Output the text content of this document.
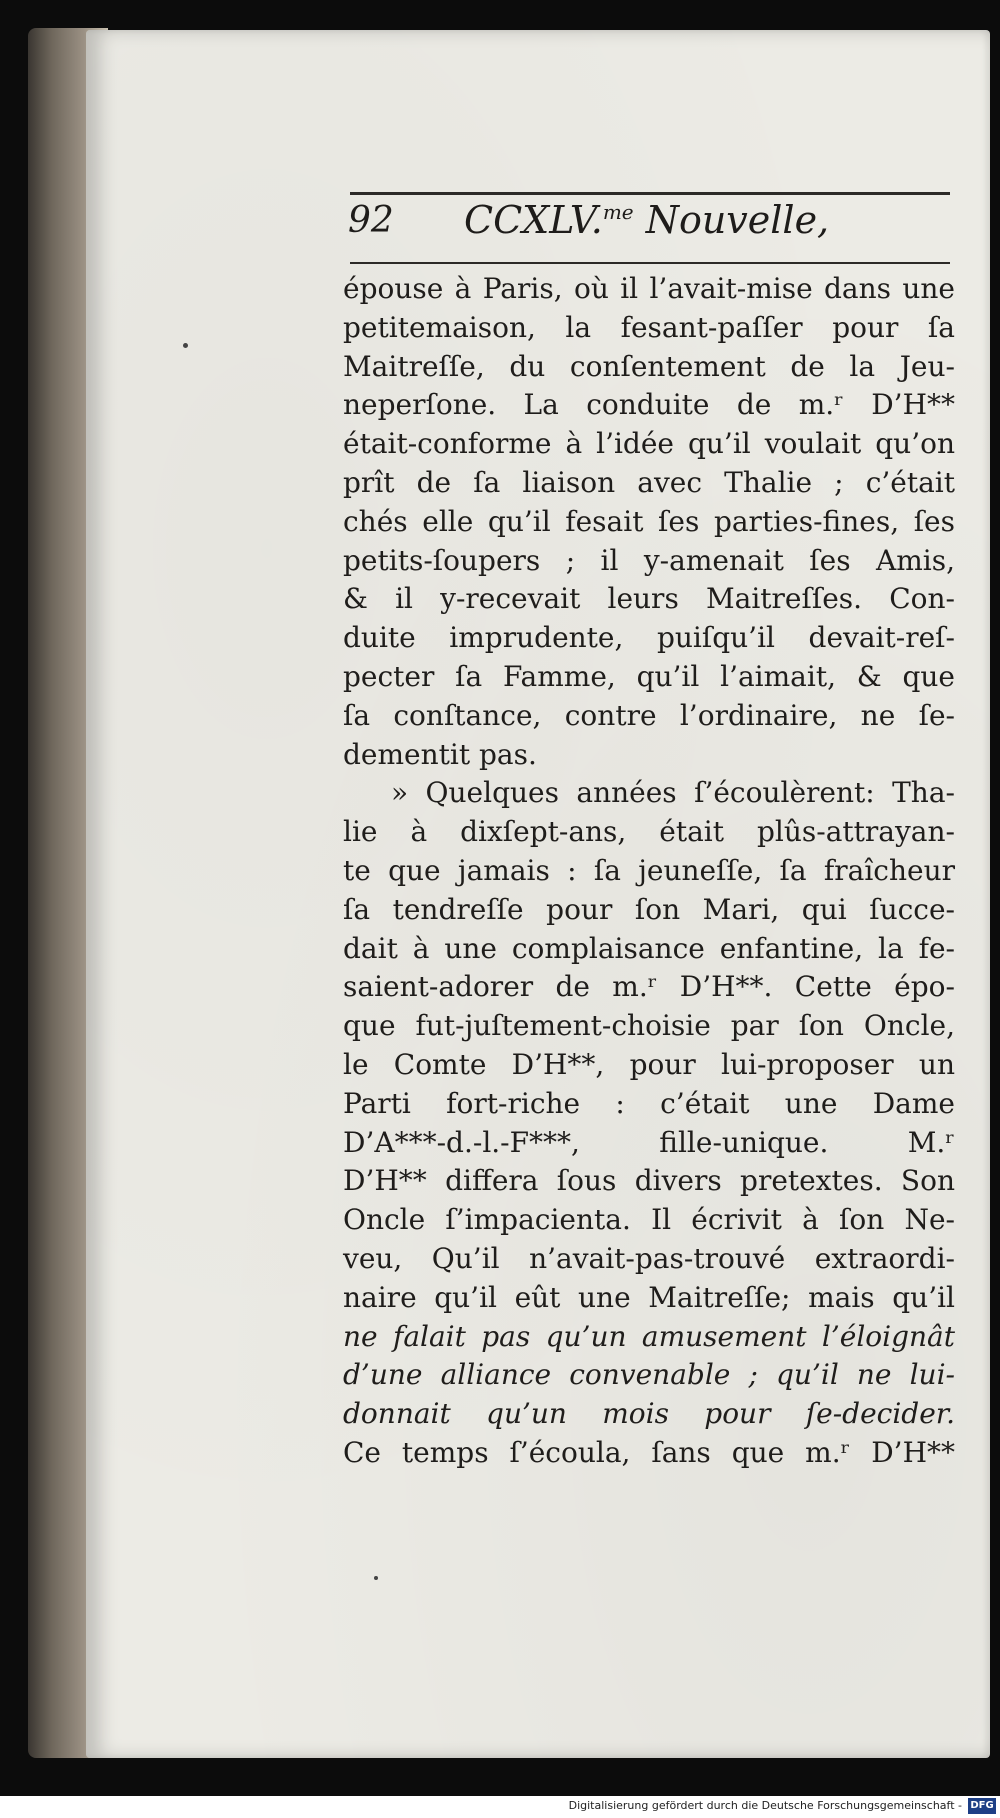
92 CCXLV.$^{me}$ Nouvelle,
épouse à Paris, où il l’avait-mise dans une
petitemaison, la fesant-paſſer pour ſa
Maitreſſe, du conſentement de la Jeu-
neperſone. La conduite de m.ʳ D’H**
était-conforme à l’idée qu’il voulait qu’on
prît de ſa liaison avec Thalie ; c’était
chés elle qu’il fesait ſes parties-fines, ſes
petits-ſoupers ; il y-amenait ſes Amis,
& il y-recevait leurs Maitreſſes. Con-
duite imprudente, puiſqu’il devait-reſ-
pecter ſa Famme, qu’il l’aimait, & que
ſa conſtance, contre l’ordinaire, ne ſe-
dementit pas.
» Quelques années ſ’écoulèrent: Tha-
lie à dixſept-ans, était plûs-attrayan-
te que jamais : ſa jeuneſſe, ſa fraîcheur
ſa tendreſſe pour ſon Mari, qui ſucce-
dait à une complaisance enfantine, la fe-
saient-adorer de m.ʳ D’H**. Cette épo-
que fut-juſtement-choisie par ſon Oncle,
le Comte D’H**, pour lui-proposer un
Parti fort-riche : c’était une Dame
D’A***-d.-l.-F***, fille-unique. M.ʳ
D’H** differa ſous divers pretextes. Son
Oncle ſ’impacienta. Il écrivit à ſon Ne-
veu, Qu’il n’avait-pas-trouvé extraordi-
naire qu’il eût une Maitreſſe; mais qu’il
ne falait pas qu’un amusement l’éloignât
d’une alliance convenable ; qu’il ne lui-
donnait qu’un mois pour ſe-decider.
Ce temps ſ’écoula, ſans que m.ʳ D’H**
Digitalisierung gefördert durch die Deutsche Forschungsgemeinschaft - DFG
